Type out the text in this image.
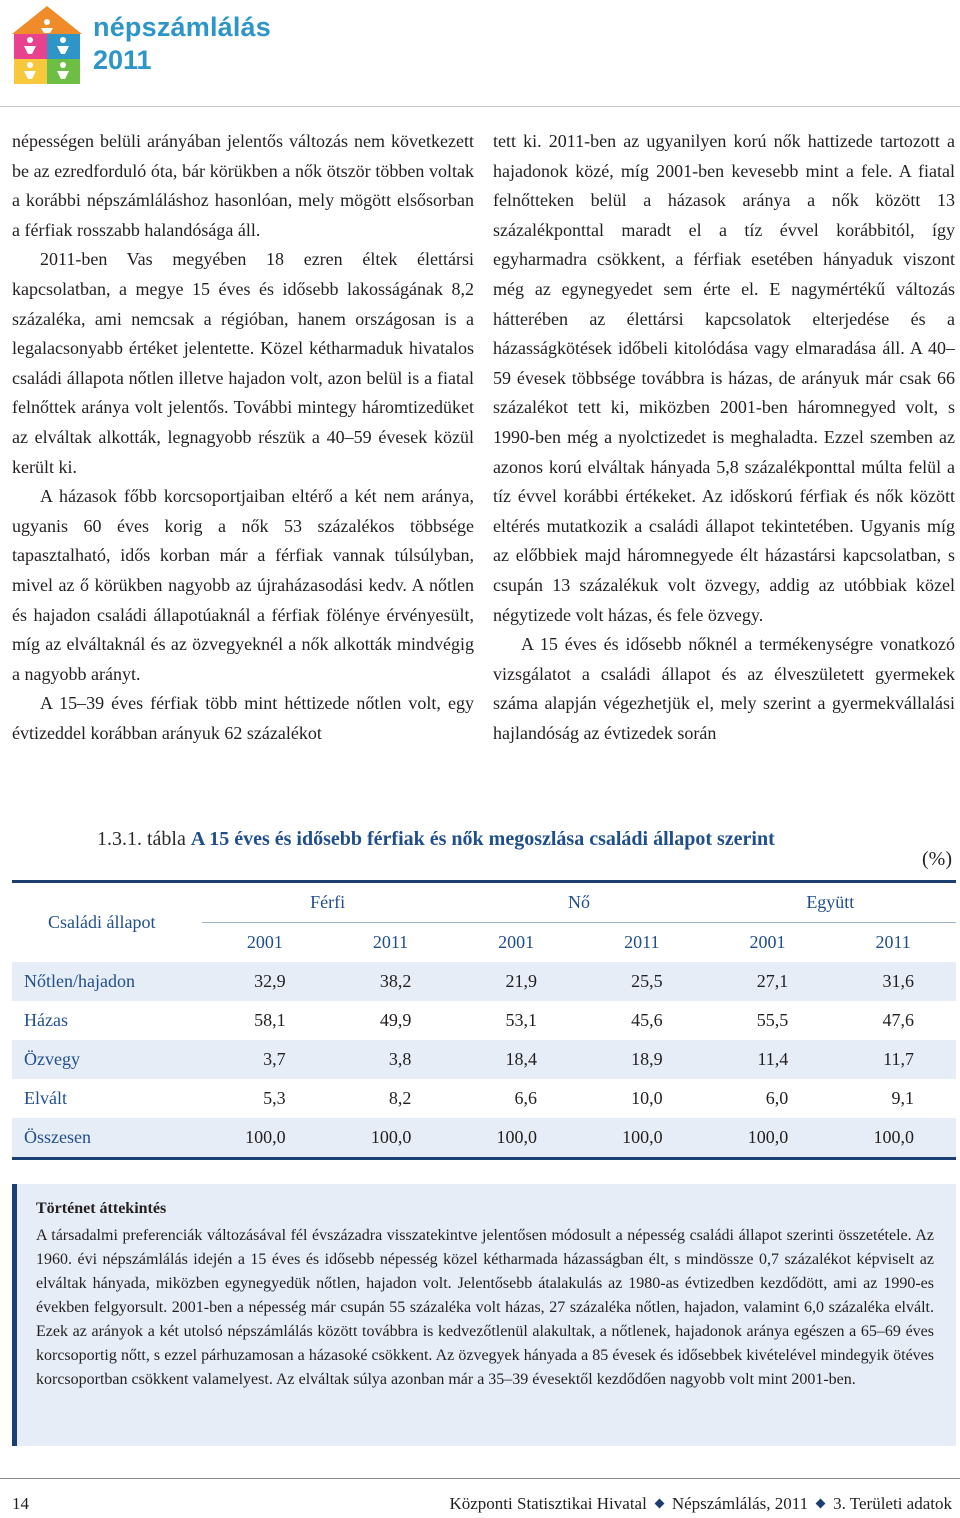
népszámlálás
2011

népességen belüli arányában jelentős változás nem következett be az ezredforduló óta, bár körükben a nők ötször többen voltak a korábbi népszámláláshoz hasonlóan, mely mögött elsősorban a férfiak rosszabb halandósága áll.

2011-ben Vas megyében 18 ezren éltek élettársi kapcsolatban, a megye 15 éves és idősebb lakosságának 8,2 százaléka, ami nemcsak a régióban, hanem országosan is a legalacsonyabb értéket jelentette. Közel kétharmaduk hivatalos családi állapota nőtlen illetve hajadon volt, azon belül is a fiatal felnőttek aránya volt jelentős. További mintegy háromtizedüket az elváltak alkották, legnagyobb részük a 40–59 évesek közül került ki.

A házasok főbb korcsoportjaiban eltérő a két nem aránya, ugyanis 60 éves korig a nők 53 százalékos többsége tapasztalható, idős korban már a férfiak vannak túlsúlyban, mivel az ő körükben nagyobb az újraházasodási kedv. A nőtlen és hajadon családi állapotúaknál a férfiak fölénye érvényesült, míg az elváltaknál és az özvegyeknél a nők alkották mindvégig a nagyobb arányt.

A 15–39 éves férfiak több mint héttizede nőtlen volt, egy évtizeddel korábban arányuk 62 százalékot

tett ki. 2011-ben az ugyanilyen korú nők hattizede tartozott a hajadonok közé, míg 2001-ben kevesebb mint a fele. A fiatal felnőtteken belül a házasok aránya a nők között 13 százalékponttal maradt el a tíz évvel korábbitól, így egyharmadra csökkent, a férfiak esetében hányaduk viszont még az egynegyedet sem érte el. E nagymértékű változás hátterében az élettársi kapcsolatok elterjedése és a házasságkötések időbeli kitolódása vagy elmaradása áll. A 40–59 évesek többsége továbbra is házas, de arányuk már csak 66 százalékot tett ki, miközben 2001-ben háromnegyed volt, s 1990-ben még a nyolctizedet is meghaladta. Ezzel szemben az azonos korú elváltak hányada 5,8 százalékponttal múlta felül a tíz évvel korábbi értékeket. Az időskorú férfiak és nők között eltérés mutatkozik a családi állapot tekintetében. Ugyanis míg az előbbiek majd háromnegyede élt házastársi kapcsolatban, s csupán 13 százalékuk volt özvegy, addig az utóbbiak közel négytizede volt házas, és fele özvegy.

A 15 éves és idősebb nőknél a termékenységre vonatkozó vizsgálatot a családi állapot és az élveszületett gyermekek száma alapján végezhetjük el, mely szerint a gyermekvállalási hajlandóság az évtizedek során

1.3.1. tábla A 15 éves és idősebb férfiak és nők megoszlása családi állapot szerint
(%)
Családi állapot	Férfi		Nő		Együtt	
	2001	2011	2001	2011	2001	2011
Nőtlen/hajadon	32,9	38,2	21,9	25,5	27,1	31,6
Házas	58,1	49,9	53,1	45,6	55,5	47,6
Özvegy	3,7	3,8	18,4	18,9	11,4	11,7
Elvált	5,3	8,2	6,6	10,0	6,0	9,1
Összesen	100,0	100,0	100,0	100,0	100,0	100,0
Történet áttekintés
A társadalmi preferenciák változásával fél évszázadra visszatekintve jelentősen módosult a népesség családi állapot szerinti összetétele. Az 1960. évi népszámlálás idején a 15 éves és idősebb népesség közel kétharmada házasságban élt, s mindössze 0,7 százalékot képviselt az elváltak hányada, miközben egynegyedük nőtlen, hajadon volt. Jelentősebb átalakulás az 1980-as évtizedben kezdődött, ami az 1990-es években felgyorsult. 2001-ben a népesség már csupán 55 százaléka volt házas, 27 százaléka nőtlen, hajadon, valamint 6,0 százaléka elvált. Ezek az arányok a két utolsó népszámlálás között továbbra is kedvezőtlenül alakultak, a nőtlenek, hajadonok aránya egészen a 65–69 éves korcsoportig nőtt, s ezzel párhuzamosan a házasoké csökkent. Az özvegyek hányada a 85 évesek és idősebbek kivételével mindegyik ötéves korcsoportban csökkent valamelyest. Az elváltak súlya azonban már a 35–39 évesektől kezdődően nagyobb volt mint 2001-ben.
14	Központi Statisztikai Hivatal Népszámlálás, 2011 3. Területi adatok
